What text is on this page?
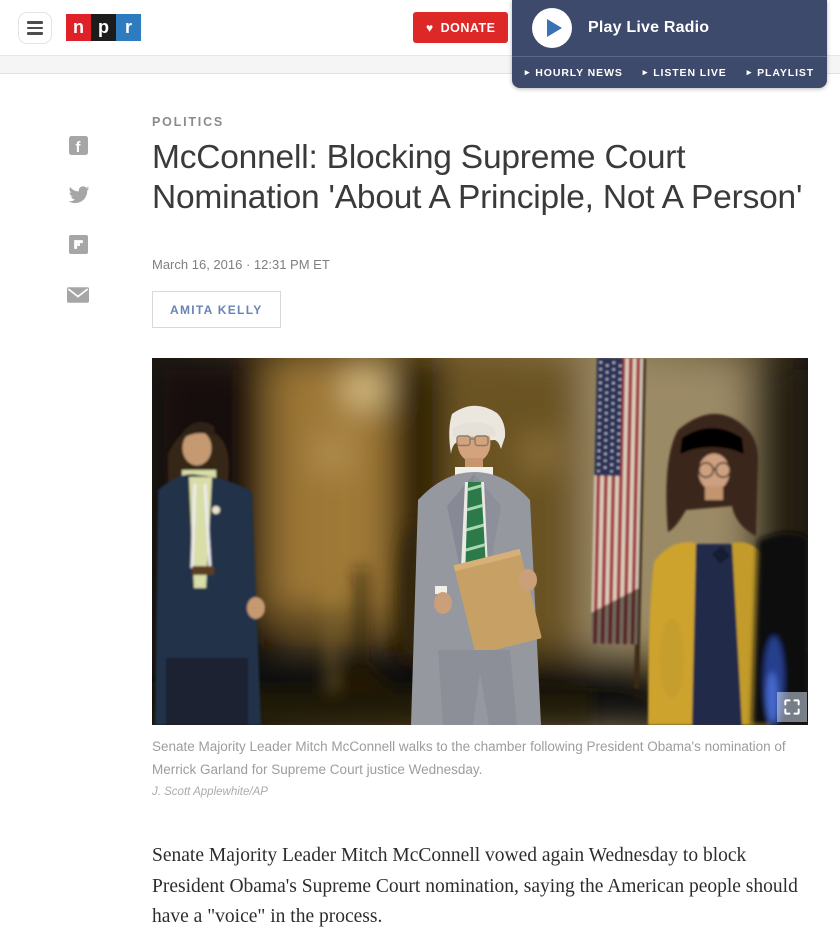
n p r	♥ DONATE	Play Live Radio
▸ HOURLY NEWS ▸ LISTEN LIVE ▸ PLAYLIST
f
POLITICS
McConnell: Blocking Supreme Court Nomination 'About A Principle, Not A Person'
March 16, 2016 · 12:31 PM ET
AMITA KELLY

Senate Majority Leader Mitch McConnell walks to the chamber following President Obama's nomination of Merrick Garland for Supreme Court justice Wednesday.

J. Scott Applewhite/AP

Senate Majority Leader Mitch McConnell vowed again Wednesday to block President Obama's Supreme Court nomination, saying the American people should have a "voice" in the process.
